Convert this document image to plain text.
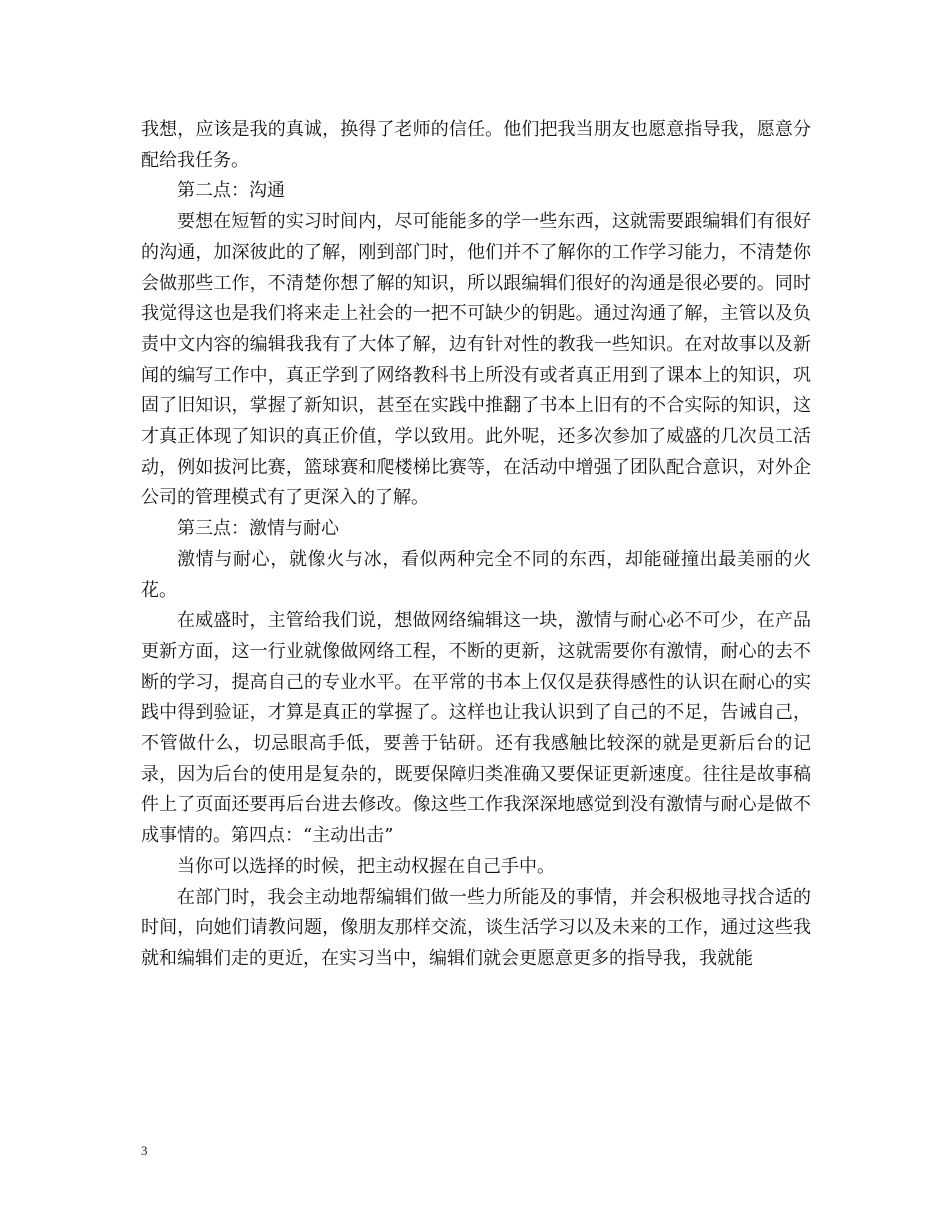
我想，应该是我的真诚，换得了老师的信任。他们把我当朋友也愿意指导我，愿意分配给我任务。

第二点：沟通

要想在短暂的实习时间内，尽可能能多的学一些东西，这就需要跟编辑们有很好的沟通，加深彼此的了解，刚到部门时，他们并不了解你的工作学习能力，不清楚你会做那些工作，不清楚你想了解的知识，所以跟编辑们很好的沟通是很必要的。同时我觉得这也是我们将来走上社会的一把不可缺少的钥匙。通过沟通了解，主管以及负责中文内容的编辑我我有了大体了解，边有针对性的教我一些知识。在对故事以及新闻的编写工作中，真正学到了网络教科书上所没有或者真正用到了课本上的知识，巩固了旧知识，掌握了新知识，甚至在实践中推翻了书本上旧有的不合实际的知识，这才真正体现了知识的真正价值，学以致用。此外呢，还多次参加了威盛的几次员工活动，例如拔河比赛，篮球赛和爬楼梯比赛等，在活动中增强了团队配合意识，对外企公司的管理模式有了更深入的了解。

第三点：激情与耐心

激情与耐心，就像火与冰，看似两种完全不同的东西，却能碰撞出最美丽的火花。

在威盛时，主管给我们说，想做网络编辑这一块，激情与耐心必不可少，在产品更新方面，这一行业就像做网络工程，不断的更新，这就需要你有激情，耐心的去不断的学习，提高自己的专业水平。在平常的书本上仅仅是获得感性的认识在耐心的实践中得到验证，才算是真正的掌握了。这样也让我认识到了自己的不足，告诫自己，不管做什么，切忌眼高手低，要善于钻研。还有我感触比较深的就是更新后台的记录，因为后台的使用是复杂的，既要保障归类准确又要保证更新速度。往往是故事稿件上了页面还要再后台进去修改。像这些工作我深深地感觉到没有激情与耐心是做不成事情的。第四点：“主动出击”

当你可以选择的时候，把主动权握在自己手中。

在部门时，我会主动地帮编辑们做一些力所能及的事情，并会积极地寻找合适的时间，向她们请教问题，像朋友那样交流，谈生活学习以及未来的工作，通过这些我就和编辑们走的更近，在实习当中，编辑们就会更愿意更多的指导我，我就能

3
